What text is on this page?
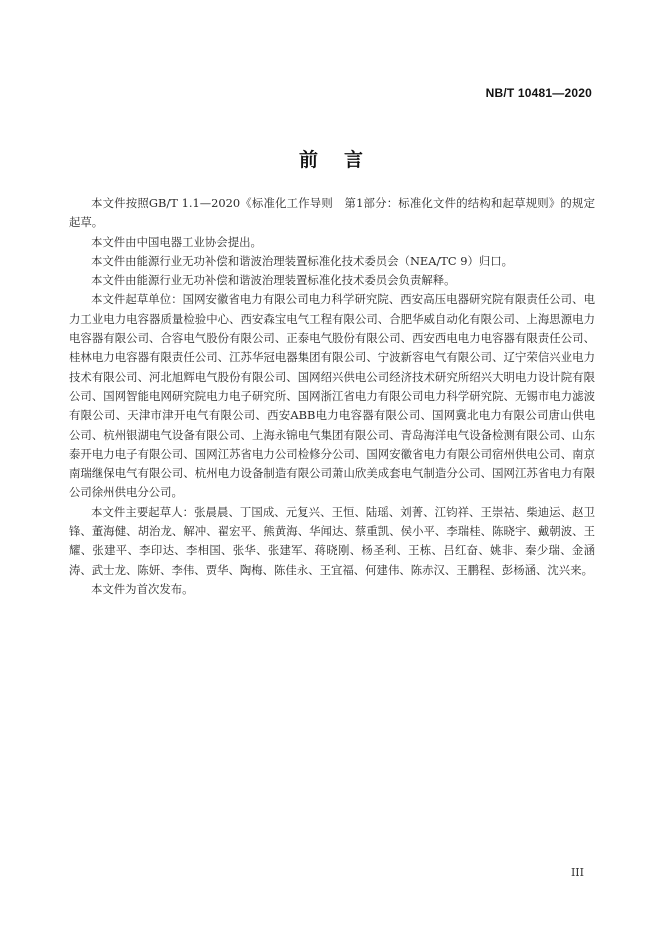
NB/T 10481—2020
前言

本文件按照GB/T 1.1—2020《标准化工作导则　第1部分：标准化文件的结构和起草规则》的规定起草。

本文件由中国电器工业协会提出。

本文件由能源行业无功补偿和谐波治理装置标准化技术委员会（NEA/TC 9）归口。

本文件由能源行业无功补偿和谐波治理装置标准化技术委员会负责解释。

本文件起草单位：国网安徽省电力有限公司电力科学研究院、西安高压电器研究院有限责任公司、电力工业电力电容器质量检验中心、西安森宝电气工程有限公司、合肥华威自动化有限公司、上海思源电力电容器有限公司、合容电气股份有限公司、正泰电气股份有限公司、西安西电电力电容器有限责任公司、桂林电力电容器有限责任公司、江苏华冠电器集团有限公司、宁波新容电气有限公司、辽宁荣信兴业电力技术有限公司、河北旭辉电气股份有限公司、国网绍兴供电公司经济技术研究所绍兴大明电力设计院有限公司、国网智能电网研究院电力电子研究所、国网浙江省电力有限公司电力科学研究院、无锡市电力滤波有限公司、天津市津开电气有限公司、西安ABB电力电容器有限公司、国网冀北电力有限公司唐山供电公司、杭州银湖电气设备有限公司、上海永锦电气集团有限公司、青岛海洋电气设备检测有限公司、山东泰开电力电子有限公司、国网江苏省电力公司检修分公司、国网安徽省电力有限公司宿州供电公司、南京南瑞继保电气有限公司、杭州电力设备制造有限公司萧山欣美成套电气制造分公司、国网江苏省电力有限公司徐州供电分公司。

本文件主要起草人：张晨晨、丁国成、元复兴、王恒、陆瑶、刘菁、江钧祥、王崇祜、柴迪运、赵卫锋、董海健、胡治龙、解冲、翟宏平、熊黄海、华闻达、蔡重凯、侯小平、李瑞桂、陈晓宇、戴朝波、王耀、张建平、李印达、李相国、张华、张建军、蒋晓刚、杨圣利、王栋、吕红奋、姚非、秦少瑞、金涵涛、武士龙、陈妍、李伟、贾华、陶梅、陈佳永、王宜福、何建伟、陈赤汉、王鹏程、彭杨涵、沈兴来。

本文件为首次发布。

III
